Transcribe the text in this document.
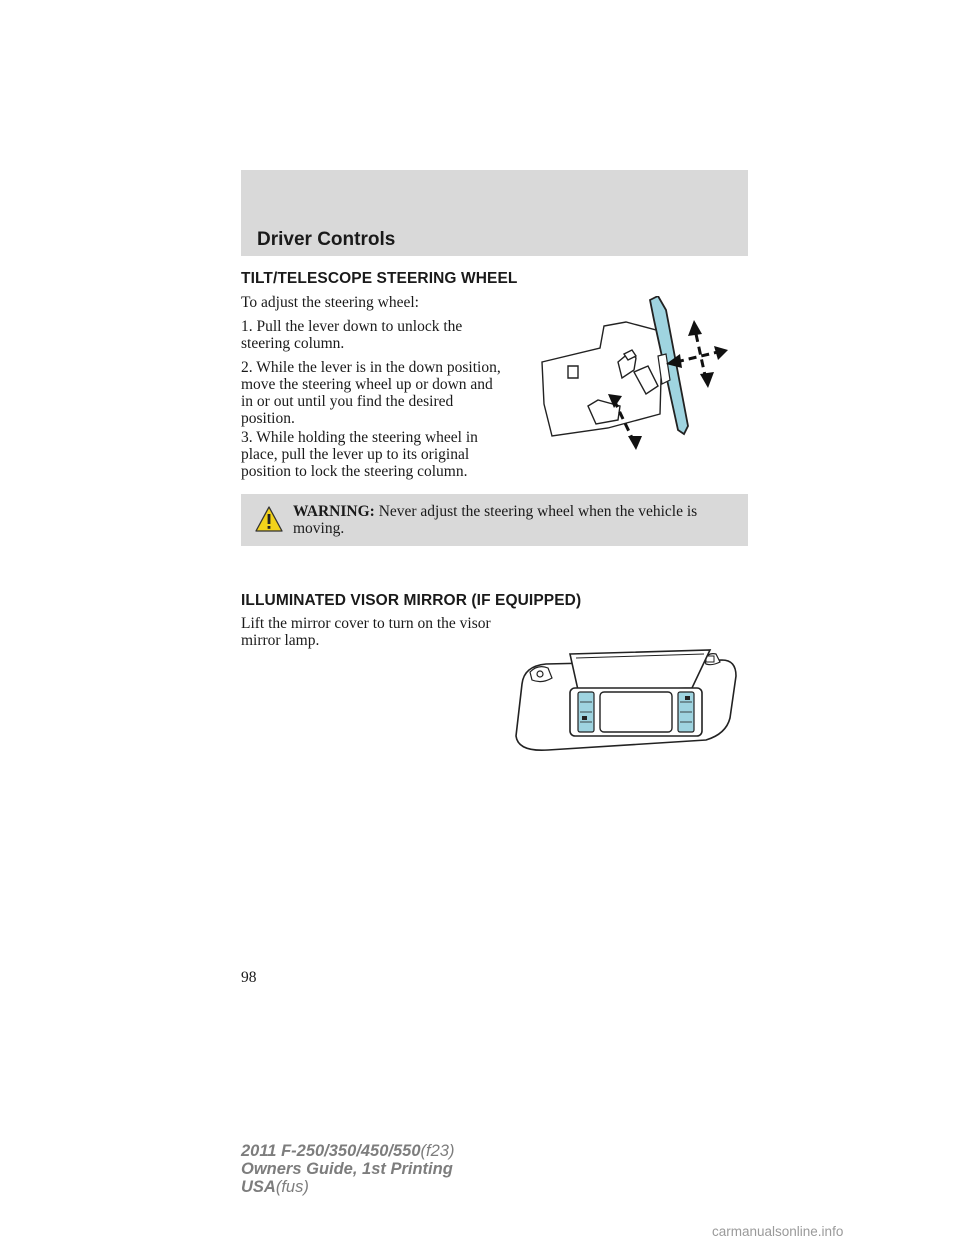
Driver Controls
TILT/TELESCOPE STEERING WHEEL

To adjust the steering wheel:

1. Pull the lever down to unlock the steering column.

2. While the lever is in the down position, move the steering wheel up or down and in or out until you find the desired position.

3. While holding the steering wheel in place, pull the lever up to its original position to lock the steering column.

WARNING: Never adjust the steering wheel when the vehicle is moving.

ILLUMINATED VISOR MIRROR (IF EQUIPPED)

Lift the mirror cover to turn on the visor mirror lamp.

98

2011 F-250/350/450/550(f23)
Owners Guide, 1st Printing
USA(fus)

carmanualsonline.info
